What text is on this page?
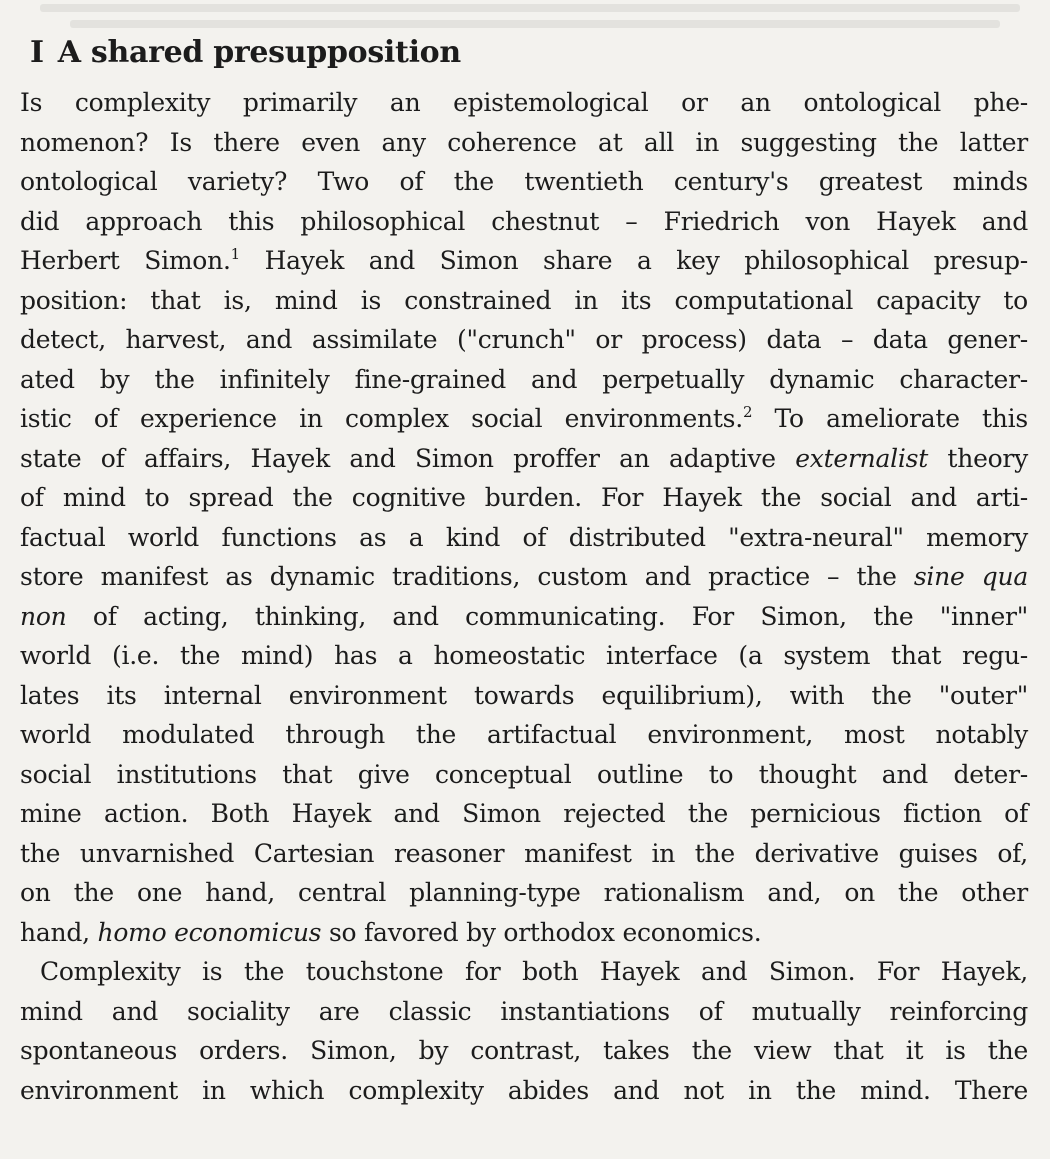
I A shared presupposition

Is complexity primarily an epistemological or an ontological phe-
nomenon? Is there even any coherence at all in suggesting the latter
ontological variety? Two of the twentieth century's greatest minds
did approach this philosophical chestnut – Friedrich von Hayek and
Herbert Simon.$^1$ Hayek and Simon share a key philosophical presup-
position: that is, mind is constrained in its computational capacity to
detect, harvest, and assimilate ("crunch" or process) data – data gener-
ated by the infinitely fine-grained and perpetually dynamic character-
istic of experience in complex social environments.$^2$ To ameliorate this
state of affairs, Hayek and Simon proffer an adaptive externalist theory
of mind to spread the cognitive burden. For Hayek the social and arti-
factual world functions as a kind of distributed "extra-neural" memory
store manifest as dynamic traditions, custom and practice – the sine qua
non of acting, thinking, and communicating. For Simon, the "inner"
world (i.e. the mind) has a homeostatic interface (a system that regu-
lates its internal environment towards equilibrium), with the "outer"
world modulated through the artifactual environment, most notably
social institutions that give conceptual outline to thought and deter-
mine action. Both Hayek and Simon rejected the pernicious fiction of
the unvarnished Cartesian reasoner manifest in the derivative guises of,
on the one hand, central planning-type rationalism and, on the other
hand, homo economicus so favored by orthodox economics.

Complexity is the touchstone for both Hayek and Simon. For Hayek,
mind and sociality are classic instantiations of mutually reinforcing
spontaneous orders. Simon, by contrast, takes the view that it is the
environment in which complexity abides and not in the mind. There
